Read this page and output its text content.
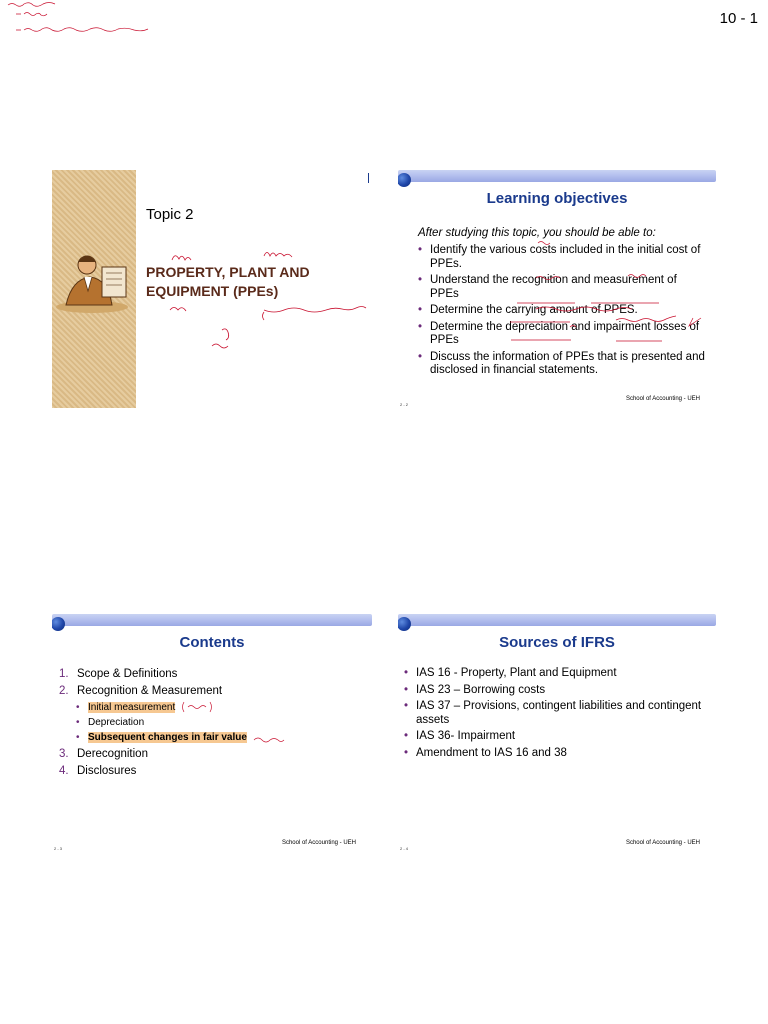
10 - 1
Topic 2
PROPERTY, PLANT AND
EQUIPMENT (PPEs)
Learning objectives
After studying this topic, you should be able to:
• Identify the various costs included in the initial cost of PPEs.
• Understand the recognition and measurement of PPEs
• Determine the carrying amount of PPES.
• Determine the depreciation and impairment losses of PPEs
• Discuss the information of PPEs that is presented and disclosed in financial statements.
2 - 2
School of Accounting - UEH
Contents
1. Scope & Definitions
2. Recognition & Measurement
• Initial measurement
• Depreciation
• Subsequent changes in fair value
3. Derecognition
4. Disclosures
2 - 3
School of Accounting - UEH
Sources of IFRS
• IAS 16 - Property, Plant and Equipment
• IAS 23 – Borrowing costs
• IAS 37 – Provisions, contingent liabilities and contingent assets
• IAS 36- Impairment
• Amendment to IAS 16 and 38
2 - 4
School of Accounting - UEH
